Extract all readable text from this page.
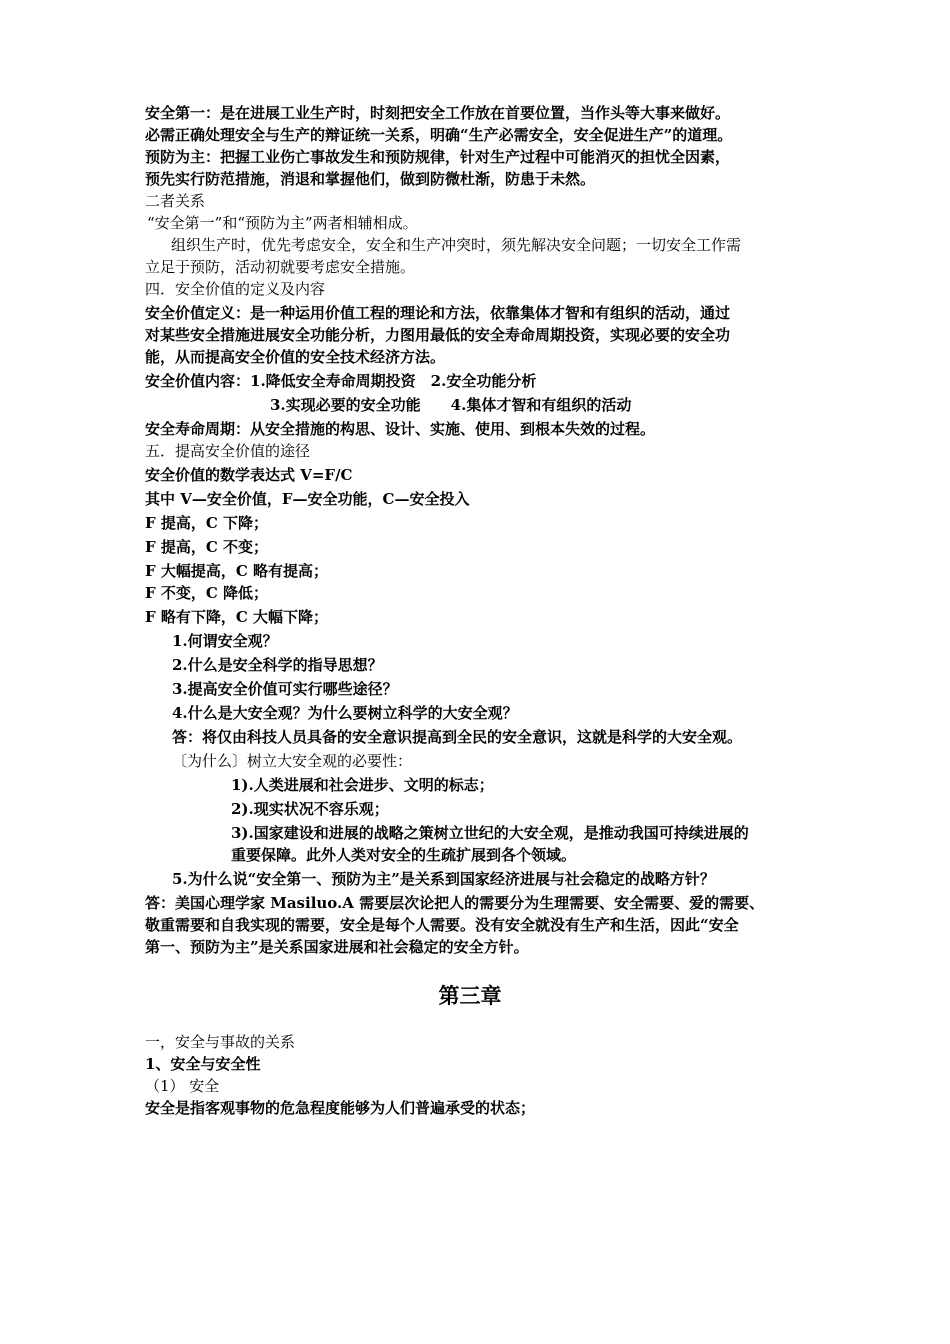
安全第一：是在进展工业生产时，时刻把安全工作放在首要位置，当作头等大事来做好。
必需正确处理安全与生产的辩证统一关系，明确“生产必需安全，安全促进生产”的道理。
预防为主：把握工业伤亡事故发生和预防规律，针对生产过程中可能消灭的担忧全因素，
预先实行防范措施，消退和掌握他们，做到防微杜渐，防患于未然。
二者关系
“安全第一”和“预防为主”两者相辅相成。
组织生产时，优先考虑安全，安全和生产冲突时，须先解决安全问题；一切安全工作需
立足于预防，活动初就要考虑安全措施。
四．安全价值的定义及内容
安全价值定义：是一种运用价值工程的理论和方法，依靠集体才智和有组织的活动，通过
对某些安全措施进展安全功能分析，力图用最低的安全寿命周期投资，实现必要的安全功
能，从而提高安全价值的安全技术经济方法。
安全价值内容：1.降低安全寿命周期投资　2.安全功能分析
3.实现必要的安全功能　　4.集体才智和有组织的活动
安全寿命周期：从安全措施的构思、设计、实施、使用、到根本失效的过程。
五．提高安全价值的途径
安全价值的数学表达式 V=F/C
其中 V—安全价值，F—安全功能，C—安全投入
F 提高，C 下降；
F 提高，C 不变；
F 大幅提高，C 略有提高；
F 不变，C 降低；
F 略有下降，C 大幅下降；
1.何谓安全观？
2.什么是安全科学的指导思想？
3.提高安全价值可实行哪些途径？
4.什么是大安全观？为什么要树立科学的大安全观？
答：将仅由科技人员具备的安全意识提高到全民的安全意识，这就是科学的大安全观。
〔为什么〕树立大安全观的必要性：
1).人类进展和社会进步、文明的标志；
2).现实状况不容乐观；
3).国家建设和进展的战略之策树立世纪的大安全观，是推动我国可持续进展的
重要保障。此外人类对安全的生疏扩展到各个领域。
5.为什么说“安全第一、预防为主”是关系到国家经济进展与社会稳定的战略方针？
答：美国心理学家 Masiluo.A 需要层次论把人的需要分为生理需要、安全需要、爱的需要、
敬重需要和自我实现的需要，安全是每个人需要。没有安全就没有生产和生活，因此“安全
第一、预防为主”是关系国家进展和社会稳定的安全方针。
第三章
一，安全与事故的关系
1、安全与安全性
（1） 安全
安全是指客观事物的危急程度能够为人们普遍承受的状态；
